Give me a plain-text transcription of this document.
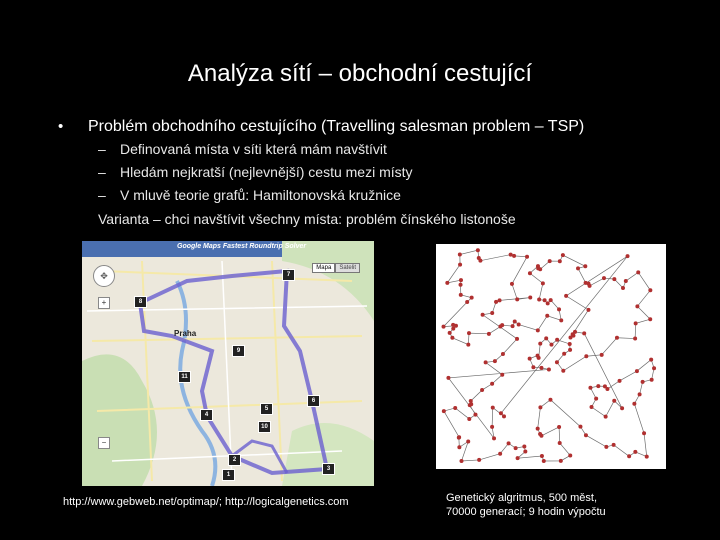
Analýza sítí – obchodní cestující
• Problém obchodního cestujícího (Travelling salesman problem – TSP)
– Definovaná místa v síti která mám navštívit
– Hledám nejkratší (nejlevnější) cestu mezi místy
– V mluvě teorie grafů: Hamiltonovská kružnice
Varianta – chci navštívit všechny místa: problém čínského listonoše
Google Maps Fastest Roundtrip Solver
Mapa	Satelit
✥
+
−
Praha
1
2
3
4
5
6
7
8
9
10
11
http://www.gebweb.net/optimap/; http://logicalgenetics.com	Genetický algritmus, 500 měst,
70000 generací; 9 hodin výpočtu
